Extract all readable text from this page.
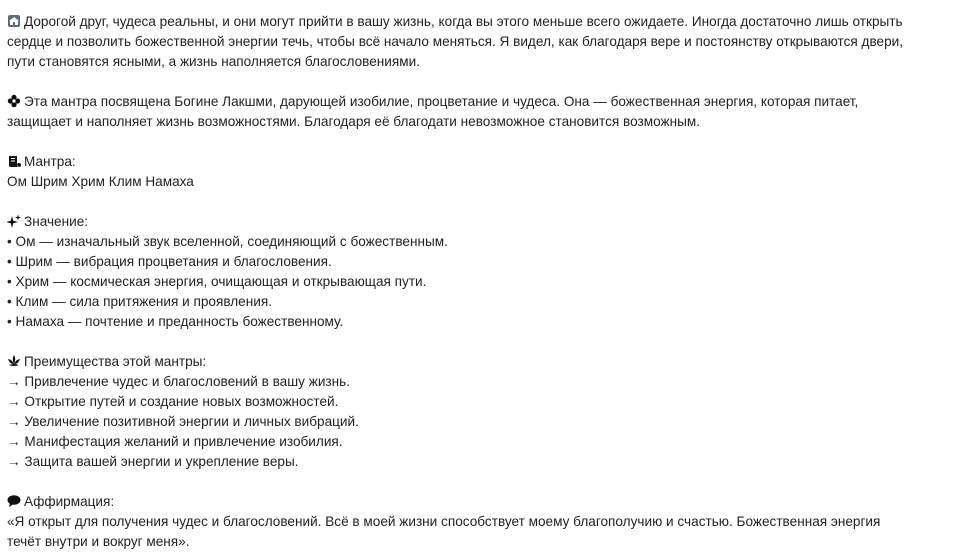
Дорогой друг, чудеса реальны, и они могут прийти в вашу жизнь, когда вы этого меньше всего ожидаете. Иногда достаточно лишь открыть
сердце и позволить божественной энергии течь, чтобы всё начало меняться. Я видел, как благодаря вере и постоянству открываются двери,
пути становятся ясными, а жизнь наполняется благословениями.
Эта мантра посвящена Богине Лакшми, дарующей изобилие, процветание и чудеса. Она — божественная энергия, которая питает,
защищает и наполняет жизнь возможностями. Благодаря её благодати невозможное становится возможным.
Мантра:
Ом Шрим Хрим Клим Намаха
Значение:
• Ом — изначальный звук вселенной, соединяющий с божественным.
• Шрим — вибрация процветания и благословения.
• Хрим — космическая энергия, очищающая и открывающая пути.
• Клим — сила притяжения и проявления.
• Намаха — почтение и преданность божественному.
Преимущества этой мантры:
→ Привлечение чудес и благословений в вашу жизнь.
→ Открытие путей и создание новых возможностей.
→ Увеличение позитивной энергии и личных вибраций.
→ Манифестация желаний и привлечение изобилия.
→ Защита вашей энергии и укрепление веры.
Аффирмация:
«Я открыт для получения чудес и благословений. Всё в моей жизни способствует моему благополучию и счастью. Божественная энергия
течёт внутри и вокруг меня».
